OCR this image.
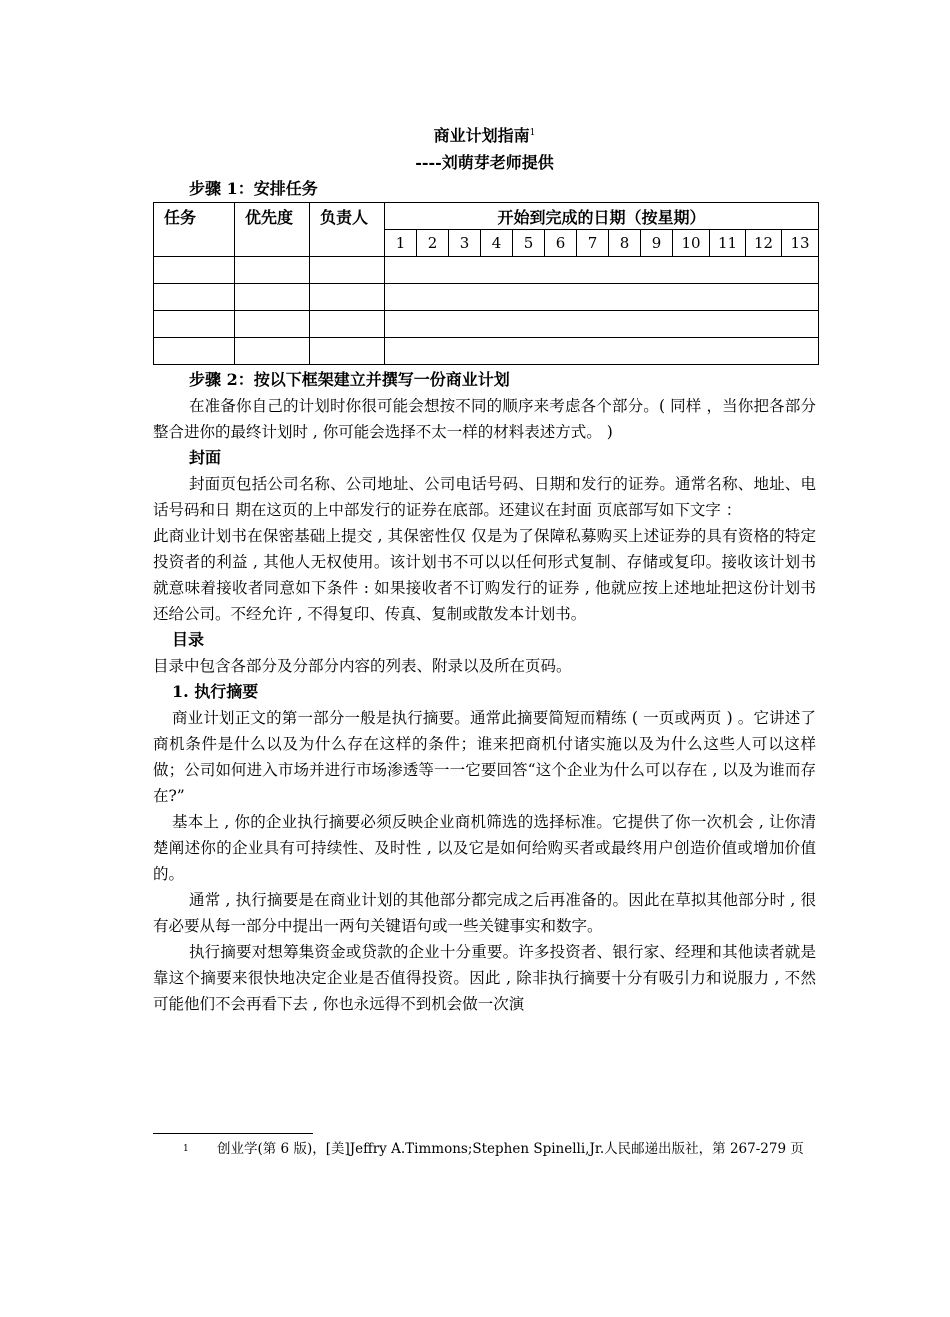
商业计划指南$^1$
----刘萌芽老师提供
步骤 1：安排任务
任务	优先度	负责人	开始到完成的日期（按星期）												
			1	2	3	4	5	6	7	8	9	10	11	12	13

步骤 2：按以下框架建立并撰写一份商业计划

在准备你自己的计划时你很可能会想按不同的顺序来考虑各个部分。( 同样 ，当你把各部分整合进你的最终计划时 , 你可能会选择不太一样的材料表述方式。 )

封面

封面页包括公司名称、公司地址、公司电话号码、日期和发行的证券。通常名称、地址、电话号码和日 期在这页的上中部发行的证券在底部。还建议在封面 页底部写如下文字 ：

此商业计划书在保密基础上提交 , 其保密性仅 仅是为了保障私募购买上述证券的具有资格的特定 投资者的利益 , 其他人无权使用。该计划书不可以以任何形式复制、存储或复印。接收该计划书就意味着接收者同意如下条件 : 如果接收者不订购发行的证券 , 他就应按上述地址把这份计划书还给公司。不经允许 , 不得复印、传真、复制或散发本计划书。

目录

目录中包含各部分及分部分内容的列表、附录以及所在页码。

1. 执行摘要

商业计划正文的第一部分一般是执行摘要。通常此摘要简短而精练 ( 一页或两页 ) 。它讲述了商机条件是什么以及为什么存在这样的条件；谁来把商机付诸实施以及为什么这些人可以这样做；公司如何进入市场并进行市场渗透等一一它要回答“这个企业为什么可以存在 , 以及为谁而存在?”

基本上 , 你的企业执行摘要必须反映企业商机筛选的选择标准。它提供了你一次机会 , 让你清楚阐述你的企业具有可持续性、及时性 , 以及它是如何给购买者或最终用户创造价值或增加价值的。

通常 , 执行摘要是在商业计划的其他部分都完成之后再准备的。因此在草拟其他部分时 , 很有必要从每一部分中提出一两句关键语句或一些关键事实和数字。

执行摘要对想筹集资金或贷款的企业十分重要。许多投资者、银行家、经理和其他读者就是靠这个摘要来很快地决定企业是否值得投资。因此 , 除非执行摘要十分有吸引力和说服力 , 不然可能他们不会再看下去 , 你也永远得不到机会做一次演

1	创业学(第 6 版)，[美]Jeffry A.Timmons;Stephen Spinelli,Jr.人民邮递出版社，第 267-279 页
